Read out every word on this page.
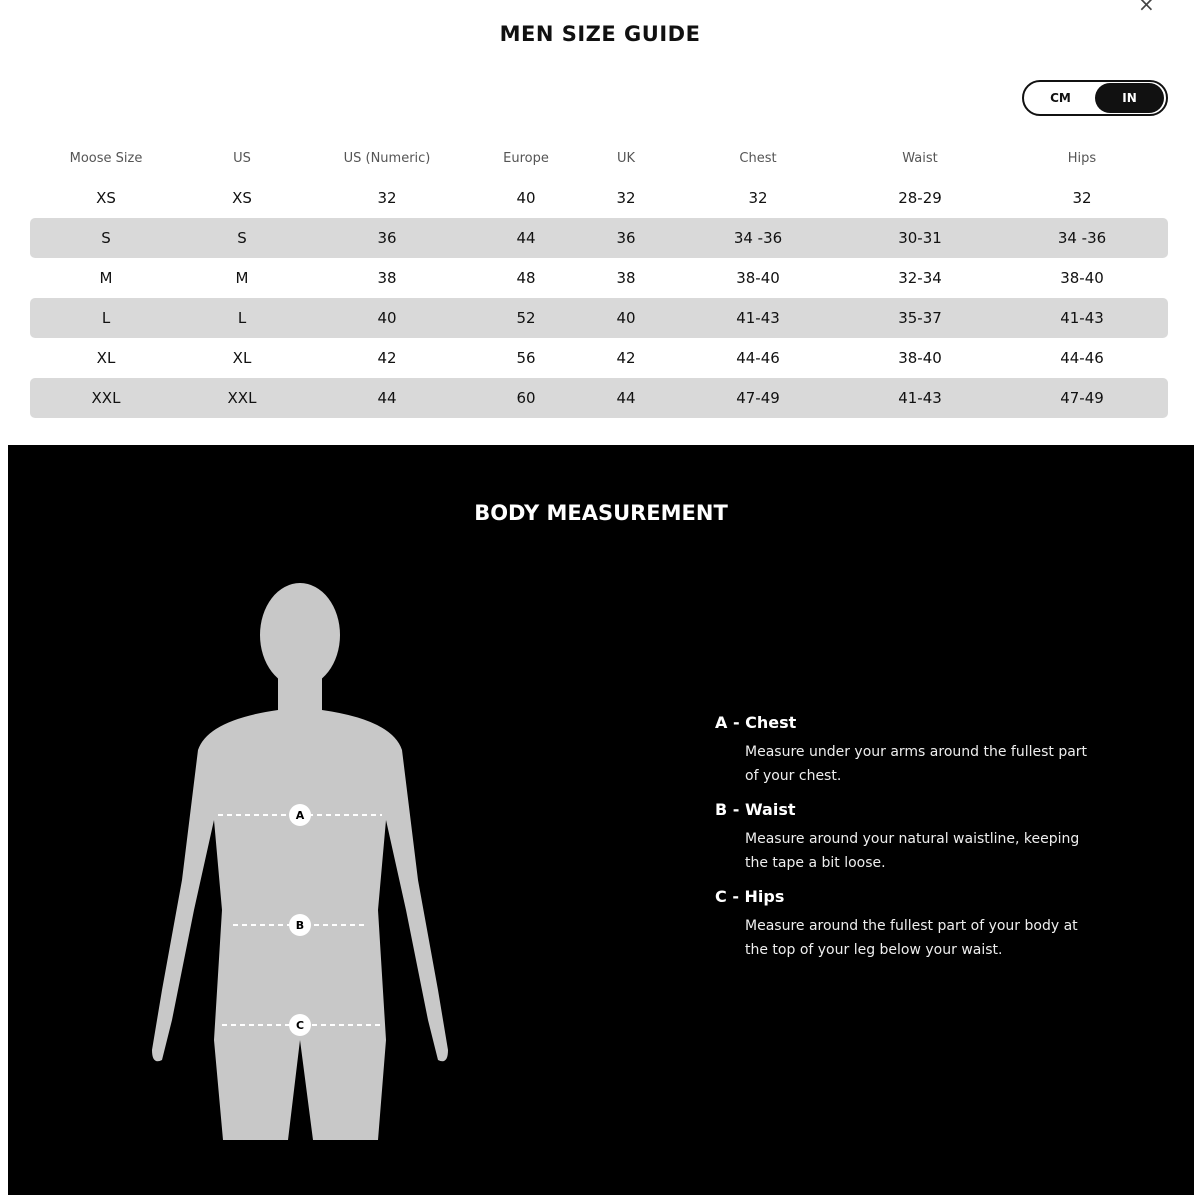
×
MEN SIZE GUIDE
CM	IN
Moose Size	US	US (Numeric)	Europe	UK	Chest	Waist	Hips
XS	XS	32	40	32	32	28-29	32
S	S	36	44	36	34 -36	30-31	34 -36
M	M	38	48	38	38-40	32-34	38-40
L	L	40	52	40	41-43	35-37	41-43
XL	XL	42	56	42	44-46	38-40	44-46
XXL	XXL	44	60	44	47-49	41-43	47-49
BODY MEASUREMENT
A
B
C
A - Chest

Measure under your arms around the fullest part of your chest.

B - Waist

Measure around your natural waistline, keeping the tape a bit loose.

C - Hips

Measure around the fullest part of your body at the top of your leg below your waist.
